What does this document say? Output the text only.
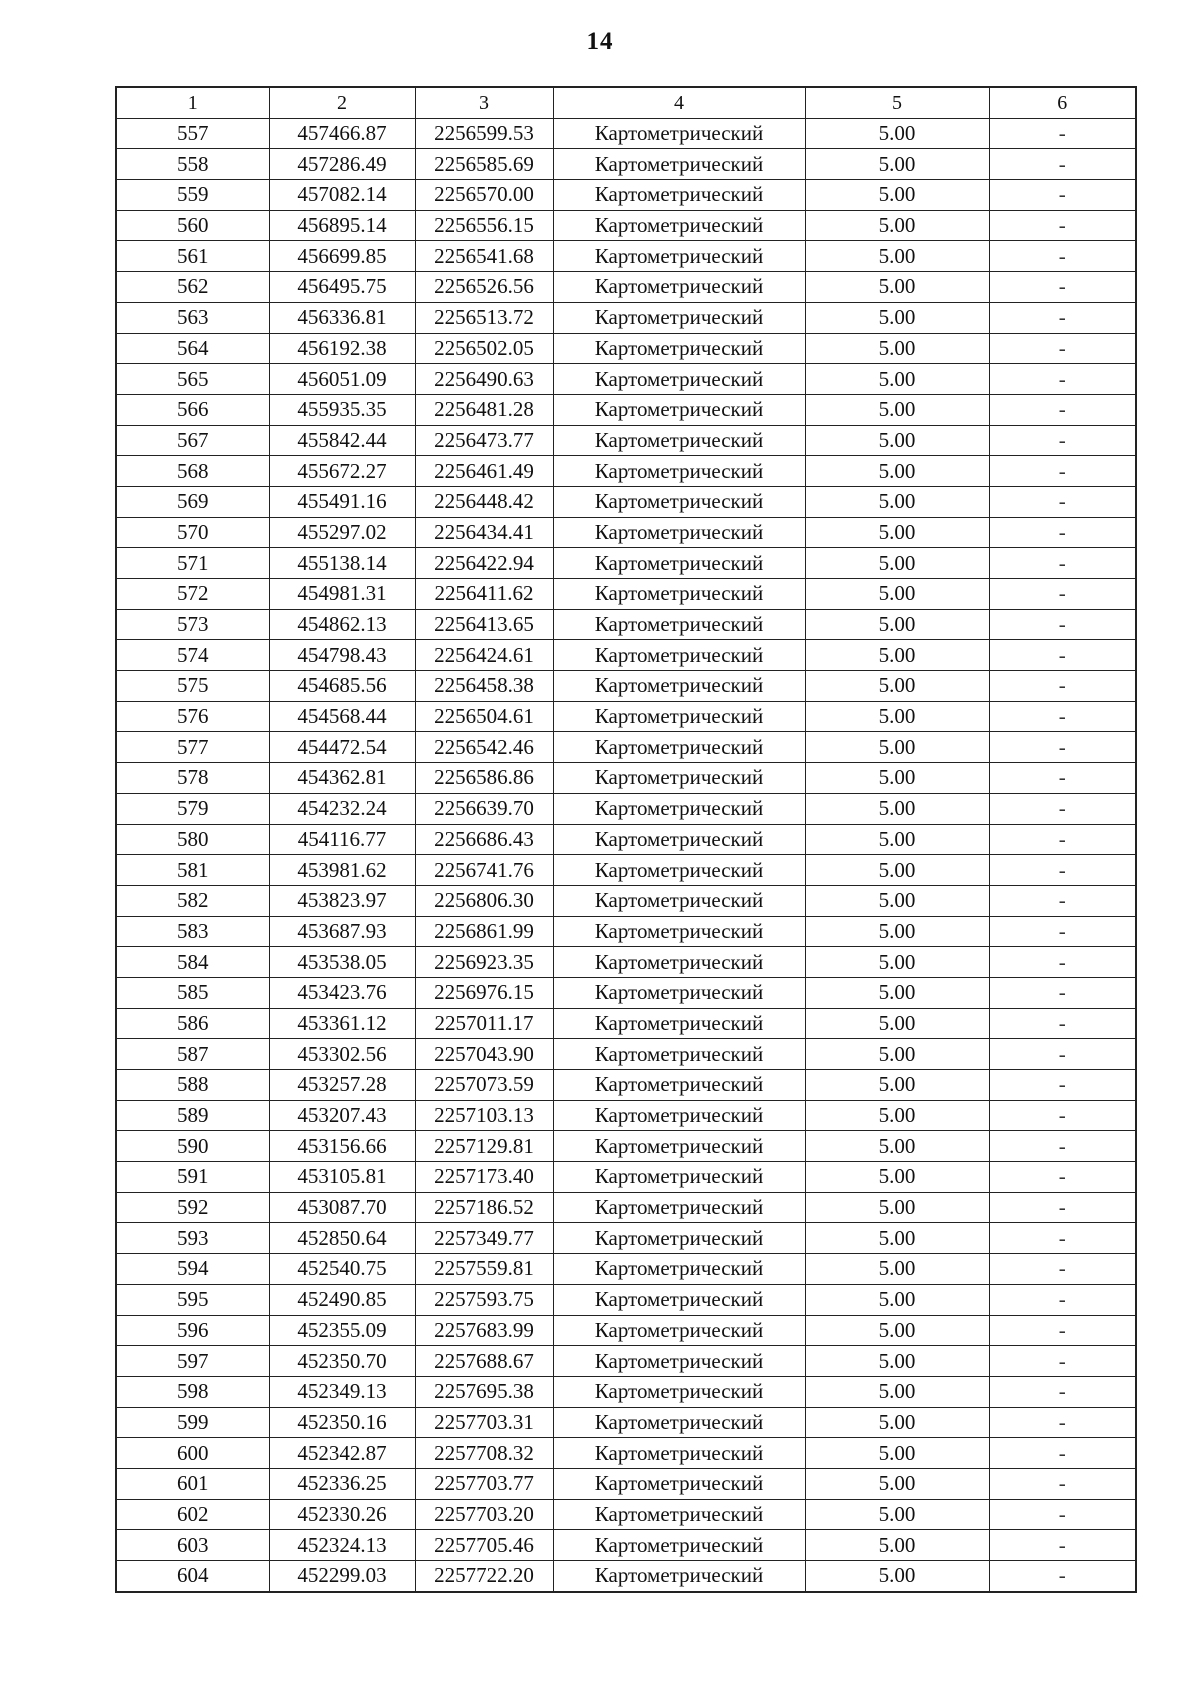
14
1	2	3	4	5	6
557	457466.87	2256599.53	Картометрический	5.00	-
558	457286.49	2256585.69	Картометрический	5.00	-
559	457082.14	2256570.00	Картометрический	5.00	-
560	456895.14	2256556.15	Картометрический	5.00	-
561	456699.85	2256541.68	Картометрический	5.00	-
562	456495.75	2256526.56	Картометрический	5.00	-
563	456336.81	2256513.72	Картометрический	5.00	-
564	456192.38	2256502.05	Картометрический	5.00	-
565	456051.09	2256490.63	Картометрический	5.00	-
566	455935.35	2256481.28	Картометрический	5.00	-
567	455842.44	2256473.77	Картометрический	5.00	-
568	455672.27	2256461.49	Картометрический	5.00	-
569	455491.16	2256448.42	Картометрический	5.00	-
570	455297.02	2256434.41	Картометрический	5.00	-
571	455138.14	2256422.94	Картометрический	5.00	-
572	454981.31	2256411.62	Картометрический	5.00	-
573	454862.13	2256413.65	Картометрический	5.00	-
574	454798.43	2256424.61	Картометрический	5.00	-
575	454685.56	2256458.38	Картометрический	5.00	-
576	454568.44	2256504.61	Картометрический	5.00	-
577	454472.54	2256542.46	Картометрический	5.00	-
578	454362.81	2256586.86	Картометрический	5.00	-
579	454232.24	2256639.70	Картометрический	5.00	-
580	454116.77	2256686.43	Картометрический	5.00	-
581	453981.62	2256741.76	Картометрический	5.00	-
582	453823.97	2256806.30	Картометрический	5.00	-
583	453687.93	2256861.99	Картометрический	5.00	-
584	453538.05	2256923.35	Картометрический	5.00	-
585	453423.76	2256976.15	Картометрический	5.00	-
586	453361.12	2257011.17	Картометрический	5.00	-
587	453302.56	2257043.90	Картометрический	5.00	-
588	453257.28	2257073.59	Картометрический	5.00	-
589	453207.43	2257103.13	Картометрический	5.00	-
590	453156.66	2257129.81	Картометрический	5.00	-
591	453105.81	2257173.40	Картометрический	5.00	-
592	453087.70	2257186.52	Картометрический	5.00	-
593	452850.64	2257349.77	Картометрический	5.00	-
594	452540.75	2257559.81	Картометрический	5.00	-
595	452490.85	2257593.75	Картометрический	5.00	-
596	452355.09	2257683.99	Картометрический	5.00	-
597	452350.70	2257688.67	Картометрический	5.00	-
598	452349.13	2257695.38	Картометрический	5.00	-
599	452350.16	2257703.31	Картометрический	5.00	-
600	452342.87	2257708.32	Картометрический	5.00	-
601	452336.25	2257703.77	Картометрический	5.00	-
602	452330.26	2257703.20	Картометрический	5.00	-
603	452324.13	2257705.46	Картометрический	5.00	-
604	452299.03	2257722.20	Картометрический	5.00	-
